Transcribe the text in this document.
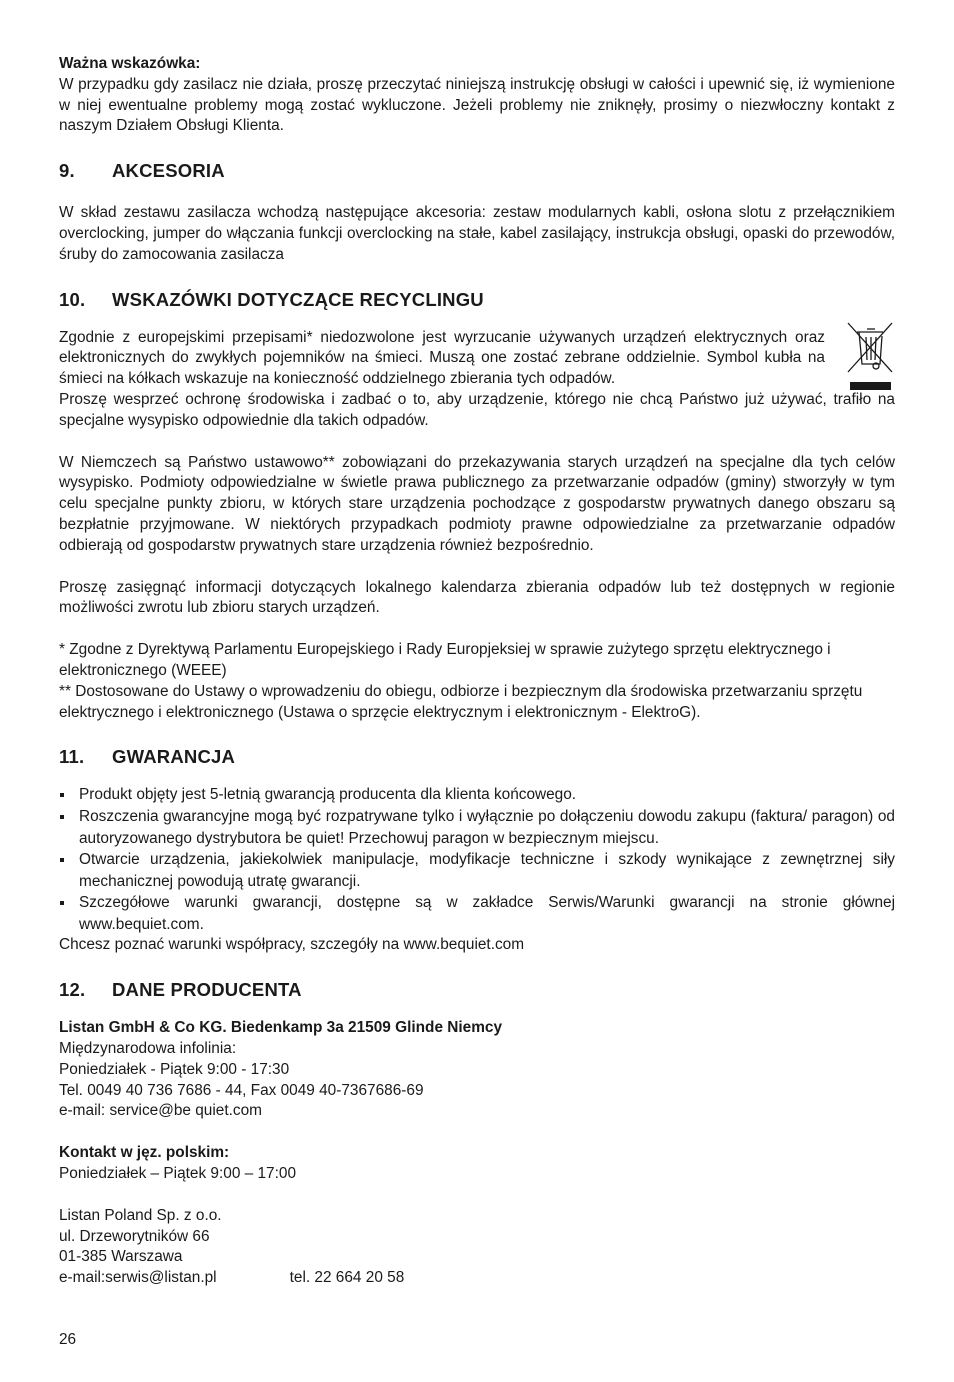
Ważna wskazówka:

W przypadku gdy zasilacz nie działa, proszę przeczytać niniejszą instrukcję obsługi w całości i upewnić się, iż wymienione w niej ewentualne problemy mogą zostać wykluczone. Jeżeli problemy nie zniknęły, prosimy o niezwłoczny kontakt z naszym Działem Obsługi Klienta.

9. AKCESORIA

W skład zestawu zasilacza wchodzą następujące akcesoria: zestaw modularnych kabli, osłona slotu z przełącznikiem overclocking, jumper do włączania funkcji overclocking na stałe, kabel zasilający, instrukcja obsługi, opaski do przewodów, śruby do zamocowania zasilacza

10. WSKAZÓWKI DOTYCZĄCE RECYCLINGU

Zgodnie z europejskimi przepisami* niedozwolone jest wyrzucanie używanych urządzeń elektrycznych oraz elektronicznych do zwykłych pojemników na śmieci. Muszą one zostać zebrane oddzielnie. Symbol kubła na śmieci na kółkach wskazuje na konieczność oddzielnego zbierania tych odpadów.

Proszę wesprzeć ochronę środowiska i zadbać o to, aby urządzenie, którego nie chcą Państwo już używać, trafiło na specjalne wysypisko odpowiednie dla takich odpadów.

W Niemczech są Państwo ustawowo** zobowiązani do przekazywania starych urządzeń na specjalne dla tych celów wysypisko. Podmioty odpowiedzialne w świetle prawa publicznego za przetwarzanie odpadów (gminy) stworzyły w tym celu specjalne punkty zbioru, w których stare urządzenia pochodzące z gospodarstw prywatnych danego obszaru są bezpłatnie przyjmowane. W niektórych przypadkach podmioty prawne odpowiedzialne za przetwarzanie odpadów odbierają od gospodarstw prywatnych stare urządzenia również bezpośrednio.

Proszę zasięgnąć informacji dotyczących lokalnego kalendarza zbierania odpadów lub też dostępnych w regionie możliwości zwrotu lub zbioru starych urządzeń.

* Zgodne z Dyrektywą Parlamentu Europejskiego i Rady Europjeksiej w sprawie zużytego sprzętu elektrycznego i elektronicznego (WEEE)

** Dostosowane do Ustawy o wprowadzeniu do obiegu, odbiorze i bezpiecznym dla środowiska przetwarzaniu sprzętu elektrycznego i elektronicznego (Ustawa o sprzęcie elektrycznym i elektronicznym - ElektroG).

11. GWARANCJA
Produkt objęty jest 5-letnią gwarancją producenta dla klienta końcowego.
Roszczenia gwarancyjne mogą być rozpatrywane tylko i wyłącznie po dołączeniu dowodu zakupu (faktura/ paragon) od autoryzowanego dystrybutora be quiet! Przechowuj paragon w bezpiecznym miejscu.
Otwarcie urządzenia, jakiekolwiek manipulacje, modyfikacje techniczne i szkody wynikające z zewnętrznej siły mechanicznej powodują utratę gwarancji.
Szczegółowe warunki gwarancji, dostępne są w zakładce Serwis/Warunki gwarancji na stronie głównej www.bequiet.com.

Chcesz poznać warunki współpracy, szczegóły na www.bequiet.com

12. DANE PRODUCENTA
Listan GmbH & Co KG. Biedenkamp 3a 21509 Glinde Niemcy
Międzynarodowa infolinia:
Poniedziałek - Piątek 9:00 - 17:30
Tel. 0049 40 736 7686 - 44, Fax 0049 40-7367686-69
e-mail: service@be quiet.com
Kontakt w jęz. polskim:
Poniedziałek – Piątek 9:00 – 17:00
Listan Poland Sp. z o.o.
ul. Drzeworytników 66
01-385 Warszawa
e-mail:serwis@listan.pl	tel. 22 664 20 58
26
